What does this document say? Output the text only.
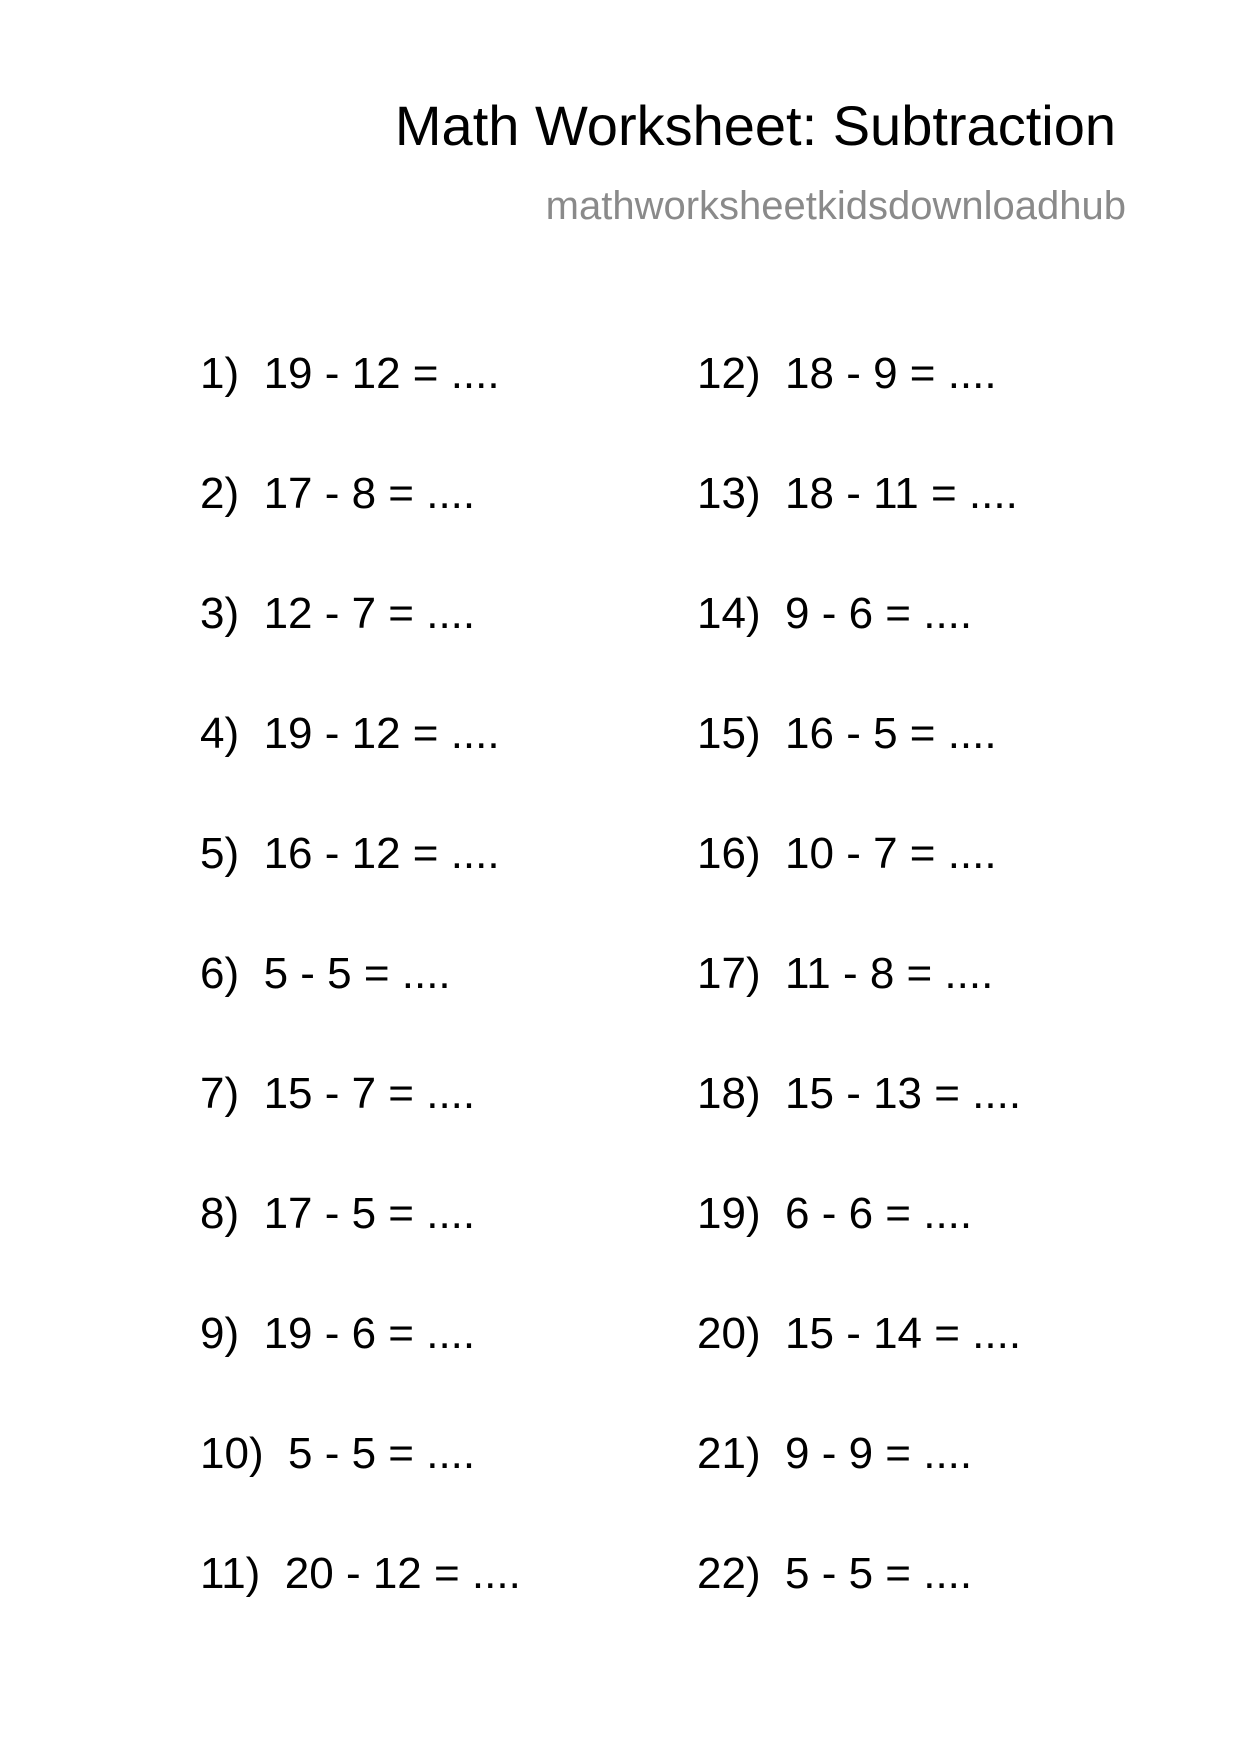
Math Worksheet: Subtraction
mathworksheetkidsdownloadhub
1)  19 - 12 = ....
2)  17 - 8 = ....
3)  12 - 7 = ....
4)  19 - 12 = ....
5)  16 - 12 = ....
6)  5 - 5 = ....
7)  15 - 7 = ....
8)  17 - 5 = ....
9)  19 - 6 = ....
10)  5 - 5 = ....
11)  20 - 12 = ....
12)  18 - 9 = ....
13)  18 - 11 = ....
14)  9 - 6 = ....
15)  16 - 5 = ....
16)  10 - 7 = ....
17)  11 - 8 = ....
18)  15 - 13 = ....
19)  6 - 6 = ....
20)  15 - 14 = ....
21)  9 - 9 = ....
22)  5 - 5 = ....
